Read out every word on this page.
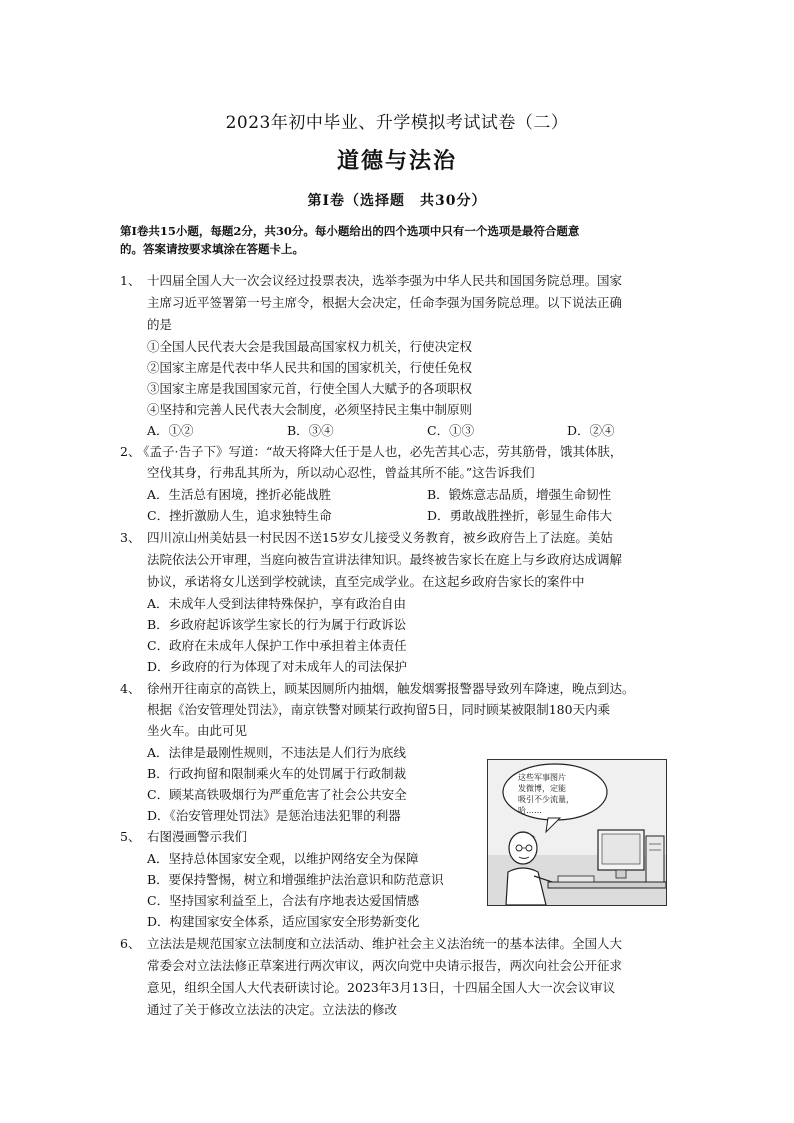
2023年初中毕业、升学模拟考试试卷（二）
道德与法治
第Ⅰ卷（选择题　共30分）
第Ⅰ卷共15小题，每题2分，共30分。每小题给出的四个选项中只有一个选项是最符合题意
的。答案请按要求填涂在答题卡上。
1、 十四届全国人大一次会议经过投票表决，选举李强为中华人民共和国国务院总理。国家
主席习近平签署第一号主席令，根据大会决定，任命李强为国务院总理。以下说法正确
的是
①全国人民代表大会是我国最高国家权力机关，行使决定权
②国家主席是代表中华人民共和国的国家机关，行使任免权
③国家主席是我国国家元首，行使全国人大赋予的各项职权
④坚持和完善人民代表大会制度，必须坚持民主集中制原则
A．①②	B．③④	C．①③	D．②④
2、
《孟子·告子下》写道：“故天将降大任于是人也，必先苦其心志，劳其筋骨，饿其体肤，
空伐其身，行弗乱其所为，所以动心忍性，曾益其所不能。”这告诉我们
A．生活总有困境，挫折必能战胜	B．锻炼意志品质，增强生命韧性
C．挫折激励人生，追求独特生命	D．勇敢战胜挫折，彰显生命伟大
3、 四川凉山州美姑县一村民因不送15岁女儿接受义务教育，被乡政府告上了法庭。美姑
法院依法公开审理，当庭向被告宣讲法律知识。最终被告家长在庭上与乡政府达成调解
协议，承诺将女儿送到学校就读，直至完成学业。在这起乡政府告家长的案件中
A．未成年人受到法律特殊保护，享有政治自由
B．乡政府起诉该学生家长的行为属于行政诉讼
C．政府在未成年人保护工作中承担着主体责任
D．乡政府的行为体现了对未成年人的司法保护
4、 徐州开往南京的高铁上，顾某因厕所内抽烟，触发烟雾报警器导致列车降速，晚点到达。
根据《治安管理处罚法》，南京铁警对顾某行政拘留5日，同时顾某被限制180天内乘
坐火车。由此可见
A．法律是最刚性规则，不违法是人们行为底线
B．行政拘留和限制乘火车的处罚属于行政制裁
C．顾某高铁吸烟行为严重危害了社会公共安全
D．《治安管理处罚法》是惩治违法犯罪的利器
5、 右图漫画警示我们
A．坚持总体国家安全观，以维护网络安全为保障
B．要保持警惕，树立和增强维护法治意识和防范意识
C．坚持国家利益至上，合法有序地表达爱国情感
D．构建国家安全体系，适应国家安全形势新变化
这些军事图片
发微博，定能
吸引不少流量，
哈……
6、 立法法是规范国家立法制度和立法活动、维护社会主义法治统一的基本法律。全国人大
常委会对立法法修正草案进行两次审议，两次向党中央请示报告，两次向社会公开征求
意见，组织全国人大代表研读讨论。2023年3月13日，十四届全国人大一次会议审议
通过了关于修改立法法的决定。立法法的修改
